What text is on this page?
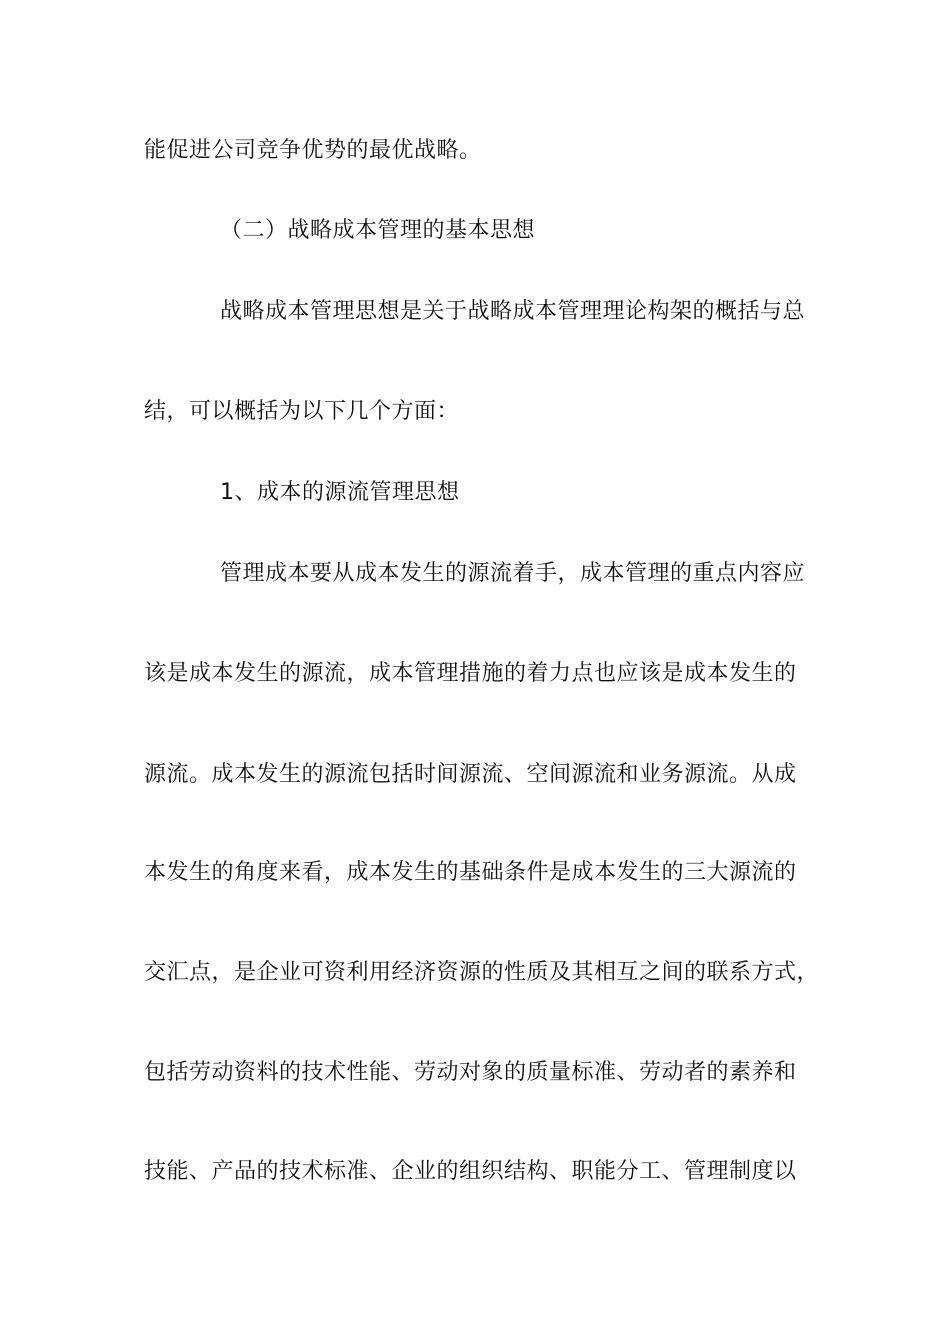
能促进公司竞争优势的最优战略。
（二）战略成本管理的基本思想
战略成本管理思想是关于战略成本管理理论构架的概括与总
结，可以概括为以下几个方面：
1、成本的源流管理思想
管理成本要从成本发生的源流着手，成本管理的重点内容应
该是成本发生的源流，成本管理措施的着力点也应该是成本发生的
源流。成本发生的源流包括时间源流、空间源流和业务源流。从成
本发生的角度来看，成本发生的基础条件是成本发生的三大源流的
交汇点，是企业可资利用经济资源的性质及其相互之间的联系方式，
包括劳动资料的技术性能、劳动对象的质量标准、劳动者的素养和
技能、产品的技术标准、企业的组织结构、职能分工、管理制度以
